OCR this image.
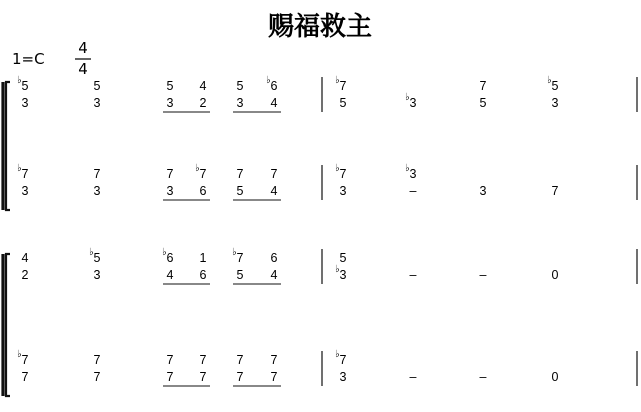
赐福救主
1=C
4
4
♭ 5	5	5 4 5 ♭ 6	♭ 7	7	♭ 5
3	3	3 2 3 4	5	♭ 3	5	3
♭ 7	7	7 ♭ 7 7 7	♭ 7	♭ 3
3	3	3 6 5 4	3	–	3	7
4	♭ 5	♭ 6 1	♭ 7 6	5
2	3	4 6 5 4	♭ 3	–	–	0
♭ 7	7	7 7 7 7	♭ 7
7	7	7 7 7 7	3	–	–	0
